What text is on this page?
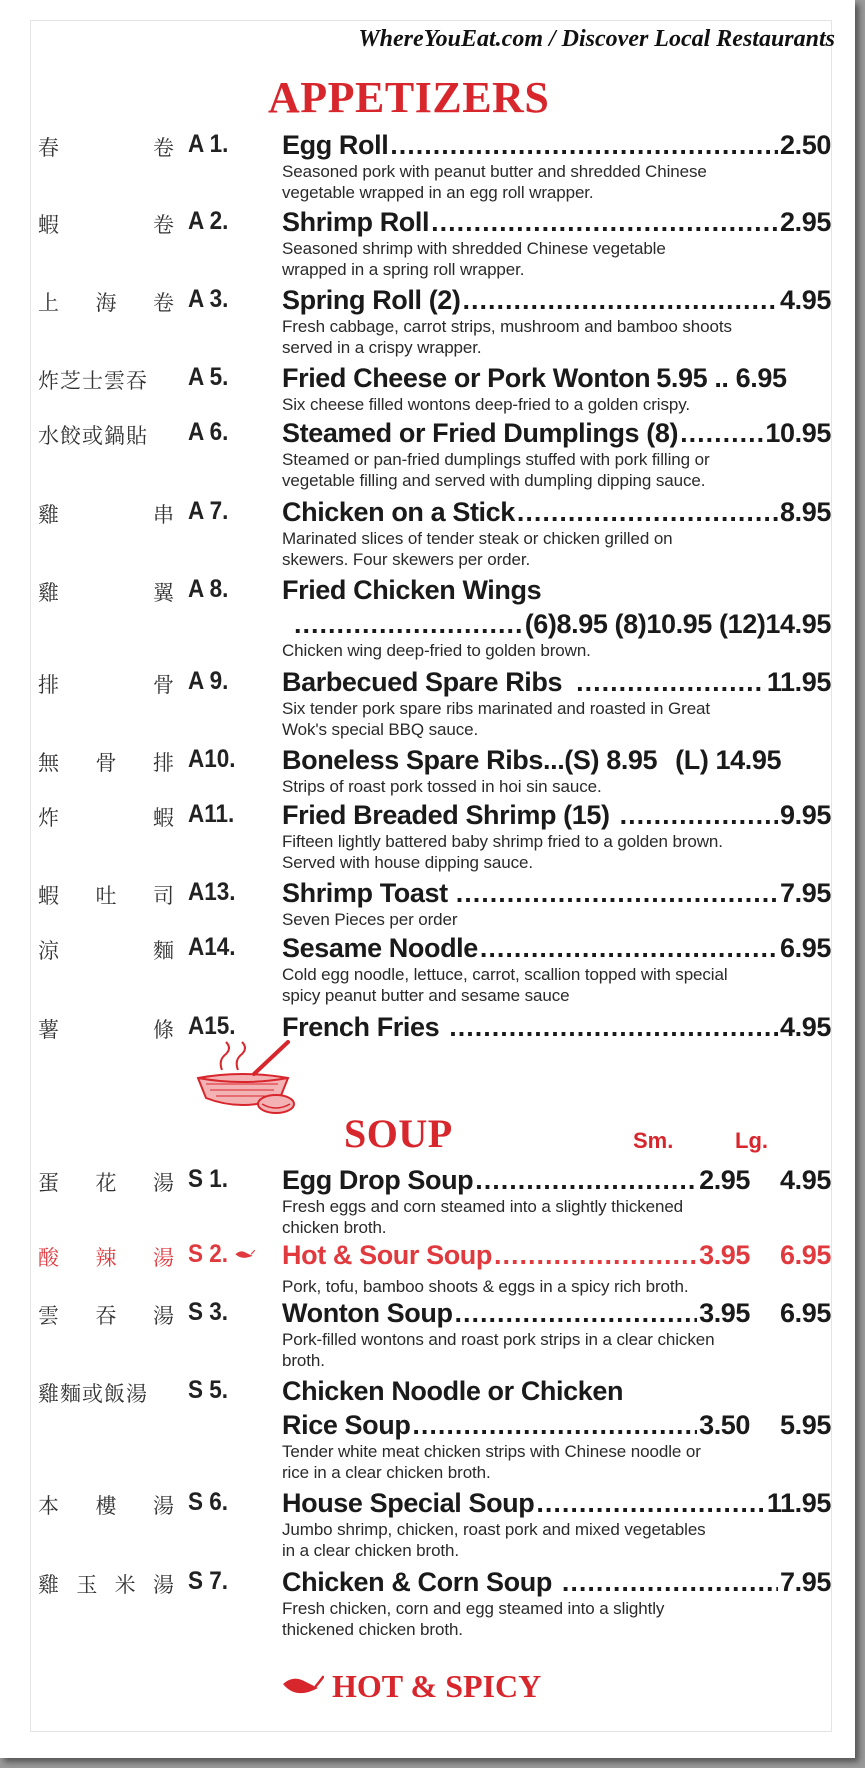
WhereYouEat.com / Discover Local Restaurants
APPETIZERS
春	卷 A 1. Egg Roll .....	2.50
Seasoned pork with peanut butter and shredded Chinese
vegetable wrapped in an egg roll wrapper.
蝦	卷 A 2. Shrimp Roll .....	2.95
Seasoned shrimp with shredded Chinese vegetable
wrapped in a spring roll wrapper.
上 海 卷 A 3. Spring Roll (2) .....	4.95
Fresh cabbage, carrot strips, mushroom and bamboo shoots
served in a crispy wrapper.
炸芝士雲吞	A 5. Fried Cheese or Pork Wonton 5.95 .. 6.95
Six cheese filled wontons deep-fried to a golden crispy.
水餃或鍋貼	A 6. Steamed or Fried Dumplings (8) .....	10.95
Steamed or pan-fried dumplings stuffed with pork filling or
vegetable filling and served with dumpling dipping sauce.
雞	串 A 7. Chicken on a Stick .....	8.95
Marinated slices of tender steak or chicken grilled on
skewers. Four skewers per order.
雞	翼 A 8. Fried Chicken Wings
.....
(6)8.95 (8)10.95 (12)14.95
Chicken wing deep-fried to golden brown.
排	骨 A 9. Barbecued Spare Ribs .....	11.95
Six tender pork spare ribs marinated and roasted in Great
Wok's special BBQ sauce.
無 骨 排 A10. Boneless Spare Ribs...(S) 8.95 (L) 14.95
Strips of roast pork tossed in hoi sin sauce.
炸	蝦 A11. Fried Breaded Shrimp (15) .....	9.95
Fifteen lightly battered baby shrimp fried to a golden brown.
Served with house dipping sauce.
蝦 吐 司 A13. Shrimp Toast .....	7.95
Seven Pieces per order
涼	麵 A14. Sesame Noodle .....	6.95
Cold egg noodle, lettuce, carrot, scallion topped with special
spicy peanut butter and sesame sauce
薯	條 A15. French Fries .....	4.95
SOUP	Sm.	Lg.
蛋 花 湯 S 1. Egg Drop Soup .....	2.95 4.95
Fresh eggs and corn steamed into a slightly thickened
chicken broth.
酸 辣 湯 S 2.	Hot & Sour Soup .....	3.95 6.95
Pork, tofu, bamboo shoots & eggs in a spicy rich broth.
雲 吞 湯 S 3. Wonton Soup .....	3.95 6.95
Pork-filled wontons and roast pork strips in a clear chicken
broth.
雞麵或飯湯	S 5. Chicken Noodle or Chicken
Rice Soup .....	3.50 5.95
Tender white meat chicken strips with Chinese noodle or
rice in a clear chicken broth.
本 樓 湯 S 6. House Special Soup .....	11.95
Jumbo shrimp, chicken, roast pork and mixed vegetables
in a clear chicken broth.
雞 玉 米 湯 S 7. Chicken & Corn Soup .....	7.95
Fresh chicken, corn and egg steamed into a slightly
thickened chicken broth.
HOT & SPICY
